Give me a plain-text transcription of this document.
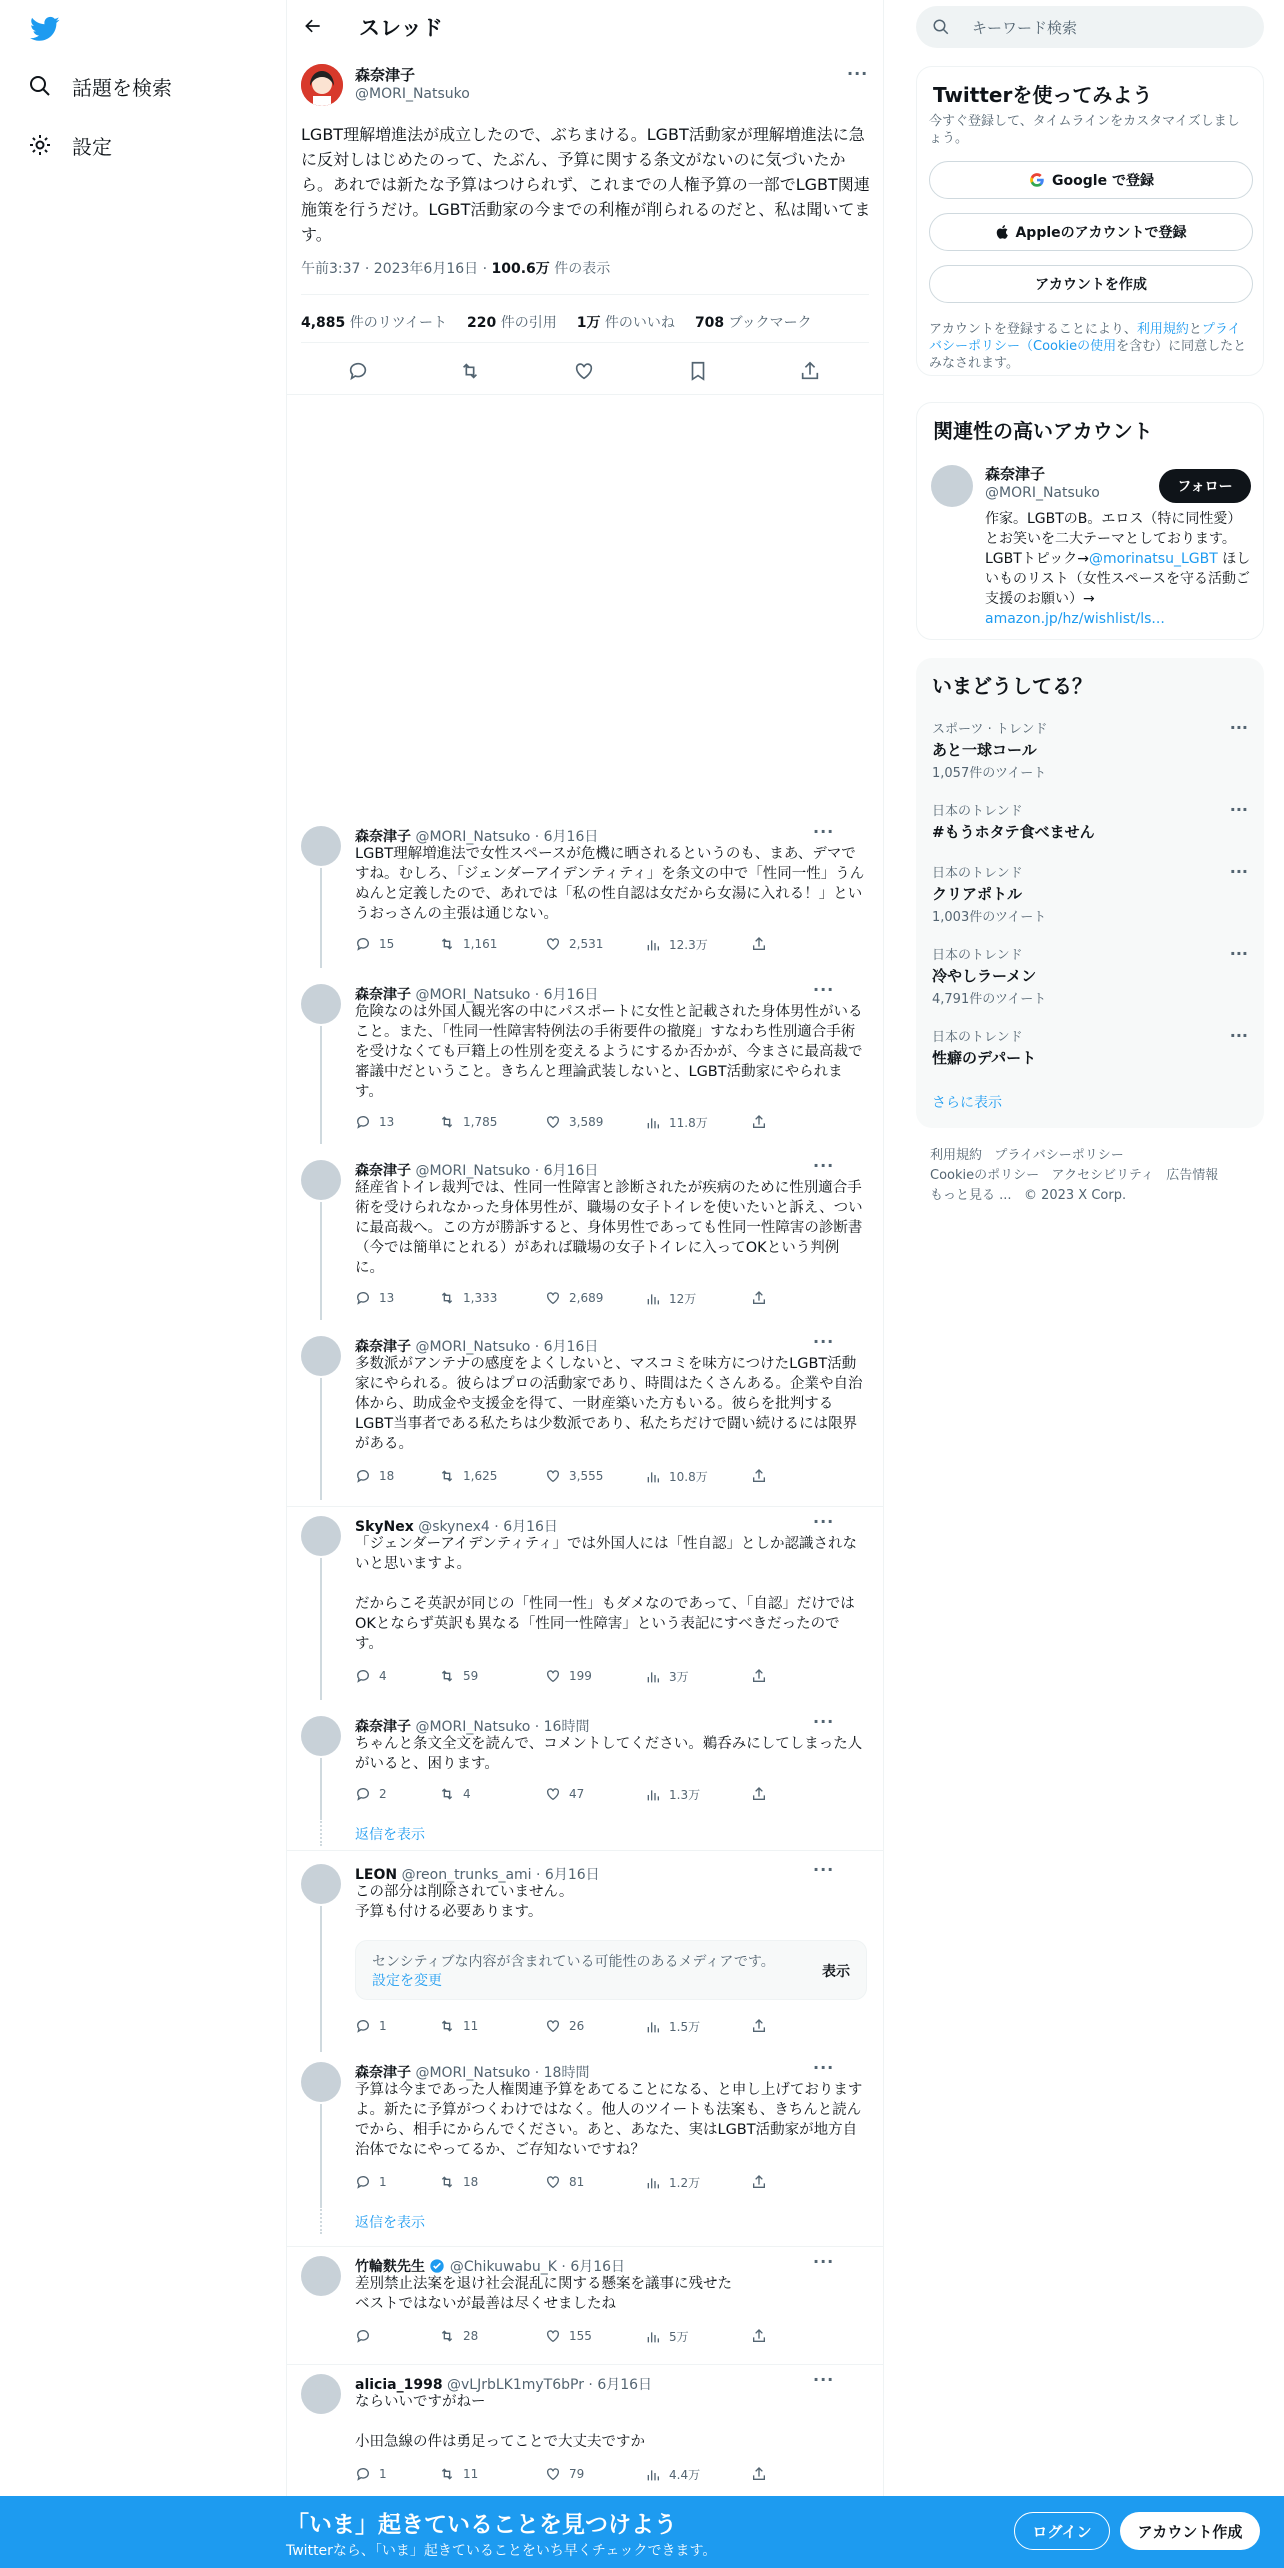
話題を検索
設定
スレッド
森奈津子
@MORI_Natsuko
···
LGBT理解増進法が成立したので、ぶちまける。LGBT活動家が理解増進法に急に反対しはじめたのって、たぶん、予算に関する条文がないのに気づいたから。あれでは新たな予算はつけられず、これまでの人権予算の一部でLGBT関連施策を行うだけ。LGBT活動家の今までの利権が削られるのだと、私は聞いてます。
午前3:37 · 2023年6月16日 · 100.6万 件の表示
4,885 件のリツイート 220 件の引用 1万 件のいいね 708 ブックマーク
森奈津子 @MORI_Natsuko · 6月16日	···
LGBT理解増進法で女性スペースが危機に晒されるというのも、まあ、デマですね。むしろ、「ジェンダーアイデンティティ」を条文の中で「性同一性」うんぬんと定義したので、あれでは「私の性自認は女だから女湯に入れる！」というおっさんの主張は通じない。
15	1,161	2,531	12.3万
森奈津子 @MORI_Natsuko · 6月16日	···
危険なのは外国人観光客の中にパスポートに女性と記載された身体男性がいること。また、「性同一性障害特例法の手術要件の撤廃」すなわち性別適合手術を受けなくても戸籍上の性別を変えるようにするか否かが、今まさに最高裁で審議中だということ。きちんと理論武装しないと、LGBT活動家にやられます。
13	1,785	3,589	11.8万
森奈津子 @MORI_Natsuko · 6月16日	···
経産省トイレ裁判では、性同一性障害と診断されたが疾病のために性別適合手術を受けられなかった身体男性が、職場の女子トイレを使いたいと訴え、ついに最高裁へ。この方が勝訴すると、身体男性であっても性同一性障害の診断書（今では簡単にとれる）があれば職場の女子トイレに入ってOKという判例に。
13	1,333	2,689	12万
森奈津子 @MORI_Natsuko · 6月16日	···
多数派がアンテナの感度をよくしないと、マスコミを味方につけたLGBT活動家にやられる。彼らはプロの活動家であり、時間はたくさんある。企業や自治体から、助成金や支援金を得て、一財産築いた方もいる。彼らを批判するLGBT当事者である私たちは少数派であり、私たちだけで闘い続けるには限界がある。
18	1,625	3,555	10.8万
SkyNex @skynex4 · 6月16日	···
「ジェンダーアイデンティティ」では外国人には「性自認」としか認識されないと思いますよ。

だからこそ英訳が同じの「性同一性」もダメなのであって、「自認」だけではOKとならず英訳も異なる「性同一性障害」という表記にすべきだったのです。
4	59	199	3万
森奈津子 @MORI_Natsuko · 16時間	···
ちゃんと条文全文を読んで、コメントしてください。鵜呑みにしてしまった人がいると、困ります。
2	4	47	1.3万
返信を表示
LEON @reon_trunks_ami · 6月16日	···
この部分は削除されていません。
予算も付ける必要あります。
1	11	26	1.5万
センシティブな内容が含まれている可能性のあるメディアです。設定を変更
表示
森奈津子 @MORI_Natsuko · 18時間	···
予算は今まであった人権関連予算をあてることになる、と申し上げておりますよ。新たに予算がつくわけではなく。他人のツイートも法案も、きちんと読んでから、相手にからんでください。あと、あなた、実はLGBT活動家が地方自治体でなにやってるか、ご存知ないですね？
1	18	81	1.2万
返信を表示
竹輪麩先生 @Chikuwabu_K · 6月16日	···
差別禁止法案を退け社会混乱に関する懸案を議事に残せた
ベストではないが最善は尽くせましたね
28	155	5万
alicia_1998 @vLJrbLK1myT6bPr · 6月16日	···
ならいいですがねー

小田急線の件は勇足ってことで大丈夫ですか
1	11	79	4.4万
キーワード検索
Twitterを使ってみよう
今すぐ登録して、タイムラインをカスタマイズしましょう。
Google で登録
Appleのアカウントで登録
アカウントを作成
アカウントを登録することにより、利用規約とプライバシーポリシー（Cookieの使用を含む）に同意したとみなされます。
関連性の高いアカウント
森奈津子
@MORI_Natsuko	フォロー
作家。LGBTのB。エロス（特に同性愛）とお笑いを二大テーマとしております。LGBTトピック→@morinatsu_LGBT ほしいものリスト（女性スペースを守る活動ご支援のお願い）→ amazon.jp/hz/wishlist/ls...
いまどうしてる？
スポーツ · トレンド
あと一球コール
1,057件のツイート
···
日本のトレンド
#もうホタテ食べません
···
日本のトレンド
クリアポトル
1,003件のツイート
···
日本のトレンド
冷やしラーメン
4,791件のツイート
···
日本のトレンド
性癖のデパート
···
さらに表示
利用規約 プライバシーポリシー
Cookieのポリシー アクセシビリティ 広告情報
もっと見る ... © 2023 X Corp.
「いま」起きていることを見つけよう
Twitterなら、「いま」起きていることをいち早くチェックできます。
ログイン	アカウント作成
